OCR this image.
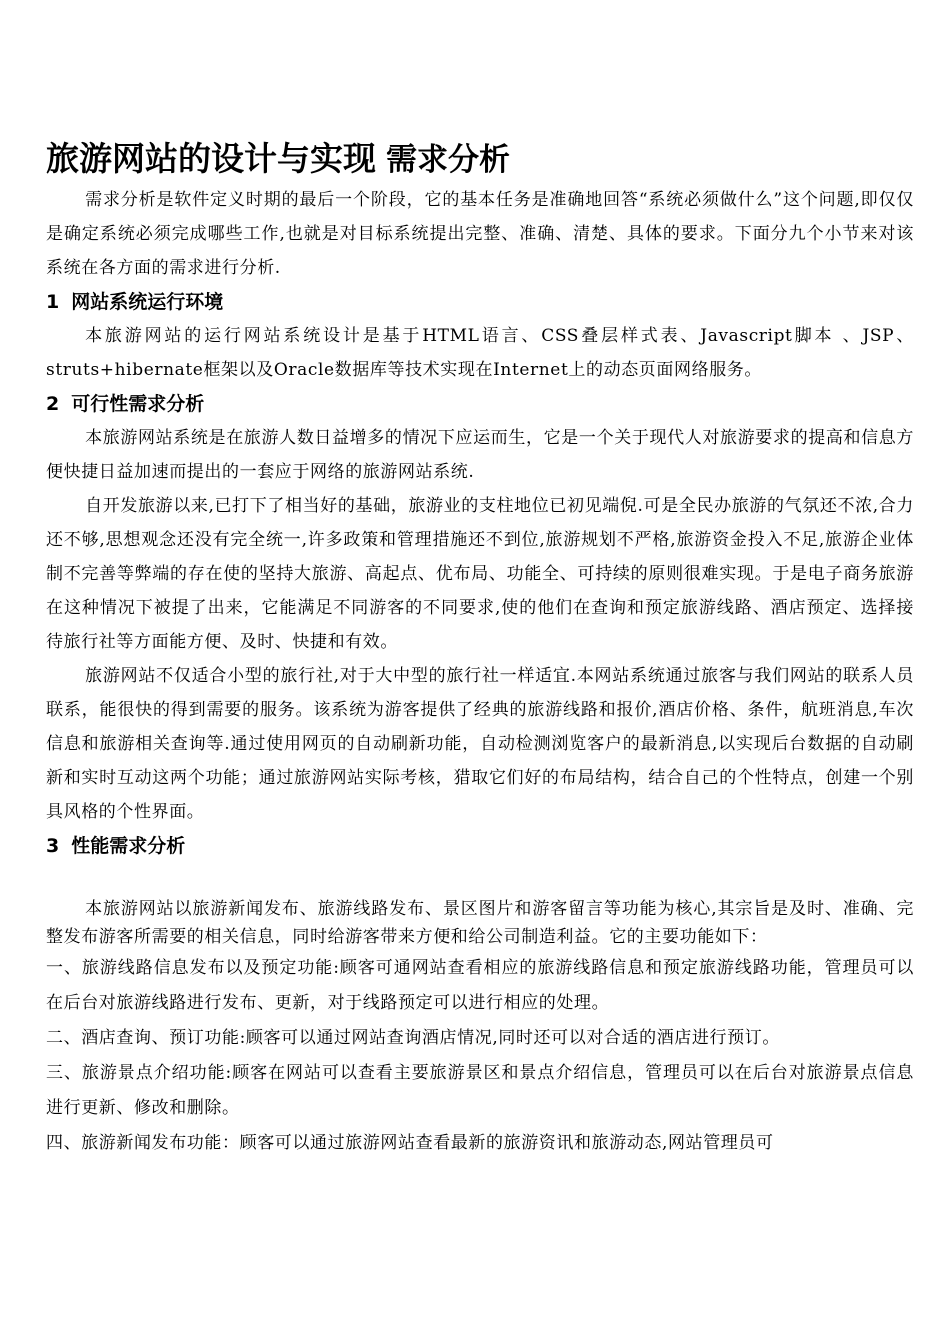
旅游网站的设计与实现 需求分析

需求分析是软件定义时期的最后一个阶段，它的基本任务是准确地回答“系统必须做什么”这个问题,即仅仅是确定系统必须完成哪些工作,也就是对目标系统提出完整、准确、清楚、具体的要求。下面分九个小节来对该系统在各方面的需求进行分析.

1 网站系统运行环境

本旅游网站的运行网站系统设计是基于HTML语言、CSS叠层样式表、Javascript脚本 、JSP、struts+hibernate框架以及Oracle数据库等技术实现在Internet上的动态页面网络服务。

2 可行性需求分析

本旅游网站系统是在旅游人数日益增多的情况下应运而生，它是一个关于现代人对旅游要求的提高和信息方便快捷日益加速而提出的一套应于网络的旅游网站系统.

自开发旅游以来,已打下了相当好的基础，旅游业的支柱地位已初见端倪.可是全民办旅游的气氛还不浓,合力还不够,思想观念还没有完全统一,许多政策和管理措施还不到位,旅游规划不严格,旅游资金投入不足,旅游企业体制不完善等弊端的存在使的坚持大旅游、高起点、优布局、功能全、可持续的原则很难实现。于是电子商务旅游在这种情况下被提了出来，它能满足不同游客的不同要求,使的他们在查询和预定旅游线路、酒店预定、选择接待旅行社等方面能方便、及时、快捷和有效。

旅游网站不仅适合小型的旅行社,对于大中型的旅行社一样适宜.本网站系统通过旅客与我们网站的联系人员联系，能很快的得到需要的服务。该系统为游客提供了经典的旅游线路和报价,酒店价格、条件，航班消息,车次信息和旅游相关查询等.通过使用网页的自动刷新功能，自动检测浏览客户的最新消息,以实现后台数据的自动刷新和实时互动这两个功能；通过旅游网站实际考核，猎取它们好的布局结构，结合自己的个性特点，创建一个别具风格的个性界面。

3 性能需求分析

本旅游网站以旅游新闻发布、旅游线路发布、景区图片和游客留言等功能为核心,其宗旨是及时、准确、完整发布游客所需要的相关信息，同时给游客带来方便和给公司制造利益。它的主要功能如下：

一、旅游线路信息发布以及预定功能:顾客可通网站查看相应的旅游线路信息和预定旅游线路功能，管理员可以在后台对旅游线路进行发布、更新，对于线路预定可以进行相应的处理。

二、酒店查询、预订功能:顾客可以通过网站查询酒店情况,同时还可以对合适的酒店进行预订。

三、旅游景点介绍功能:顾客在网站可以查看主要旅游景区和景点介绍信息，管理员可以在后台对旅游景点信息进行更新、修改和删除。

四、旅游新闻发布功能：顾客可以通过旅游网站查看最新的旅游资讯和旅游动态,网站管理员可
